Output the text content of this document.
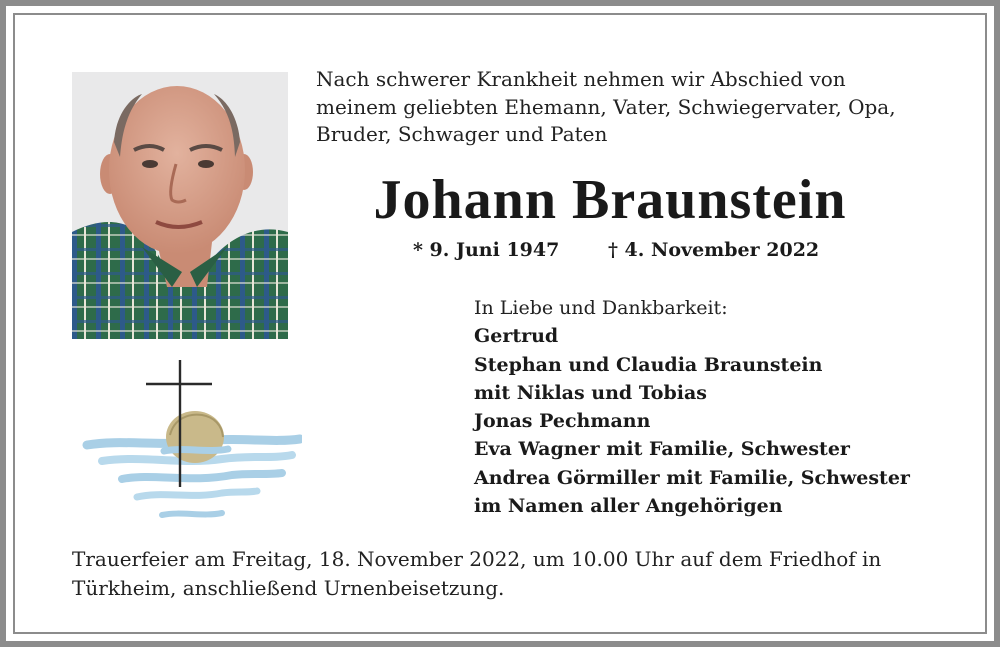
Nach schwerer Krankheit nehmen wir Abschied von
meinem geliebten Ehemann, Vater, Schwiegervater, Opa,
Bruder, Schwager und Paten
Johann Braunstein
* 9. Juni 1947	† 4. November 2022
In Liebe und Dankbarkeit:
Gertrud
Stephan und Claudia Braunstein
mit Niklas und Tobias
Jonas Pechmann
Eva Wagner mit Familie, Schwester
Andrea Görmiller mit Familie, Schwester
im Namen aller Angehörigen
Trauerfeier am Freitag, 18. November 2022, um 10.00 Uhr auf dem Friedhof in
Türkheim, anschließend Urnenbeisetzung.
